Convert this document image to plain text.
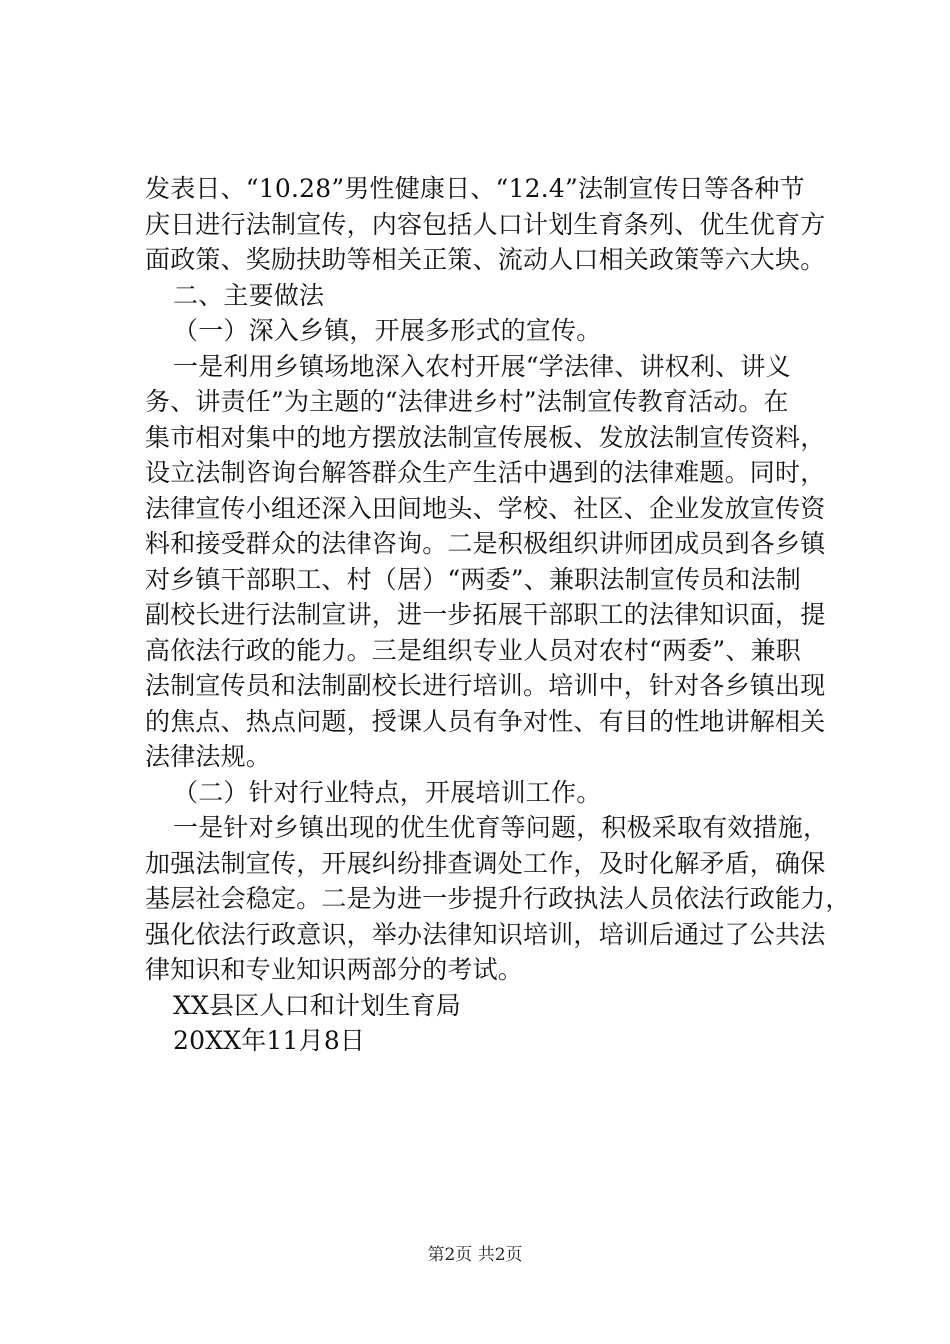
发表日、“10.28”男性健康日、“12.4”法制宣传日等各种节
庆日进行法制宣传，内容包括人口计划生育条列、优生优育方
面政策、奖励扶助等相关正策、流动人口相关政策等六大块。
二、主要做法
（一）深入乡镇，开展多形式的宣传。
一是利用乡镇场地深入农村开展“学法律、讲权利、讲义
务、讲责任”为主题的“法律进乡村”法制宣传教育活动。在
集市相对集中的地方摆放法制宣传展板、发放法制宣传资料，
设立法制咨询台解答群众生产生活中遇到的法律难题。同时，
法律宣传小组还深入田间地头、学校、社区、企业发放宣传资
料和接受群众的法律咨询。二是积极组织讲师团成员到各乡镇
对乡镇干部职工、村（居）“两委”、兼职法制宣传员和法制
副校长进行法制宣讲，进一步拓展干部职工的法律知识面，提
高依法行政的能力。三是组织专业人员对农村“两委”、兼职
法制宣传员和法制副校长进行培训。培训中，针对各乡镇出现
的焦点、热点问题，授课人员有争对性、有目的性地讲解相关
法律法规。
（二）针对行业特点，开展培训工作。
一是针对乡镇出现的优生优育等问题，积极采取有效措施，
加强法制宣传，开展纠纷排查调处工作，及时化解矛盾，确保
基层社会稳定。二是为进一步提升行政执法人员依法行政能力，
强化依法行政意识，举办法律知识培训，培训后通过了公共法
律知识和专业知识两部分的考试。
XX县区人口和计划生育局
20XX年11月8日
第2页 共2页
